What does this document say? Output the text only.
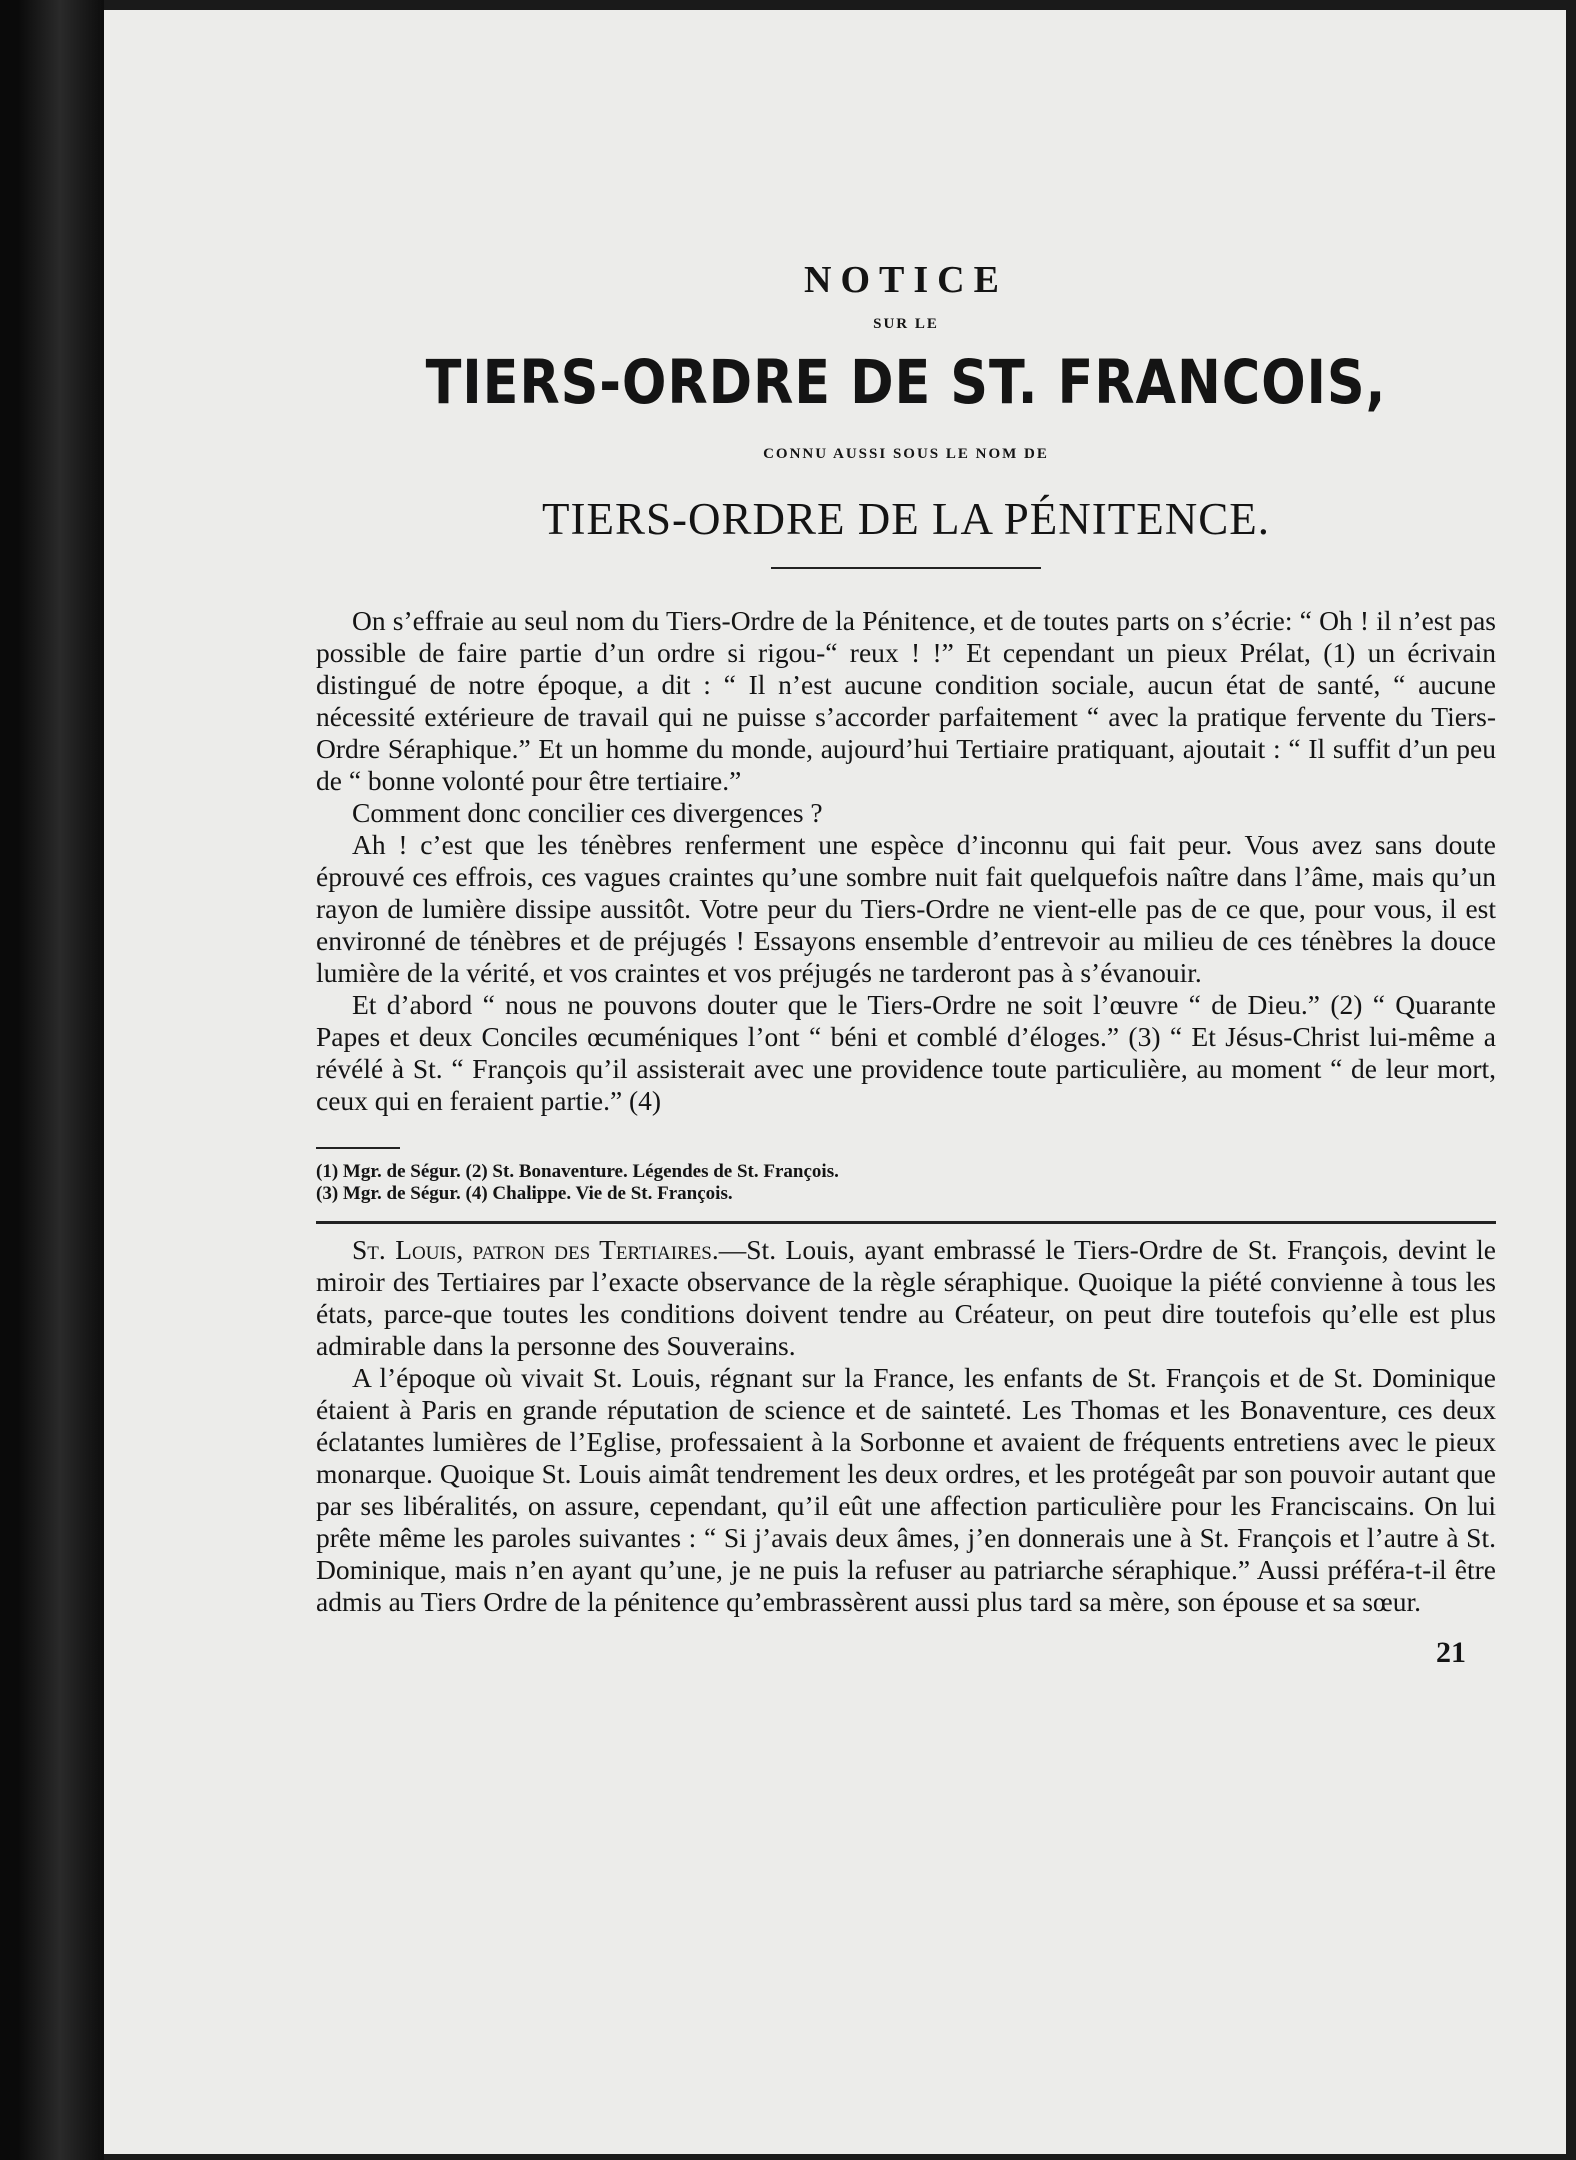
NOTICE
SUR LE
TIERS-ORDRE DE ST. FRANCOIS,
CONNU AUSSI SOUS LE NOM DE
TIERS-ORDRE DE LA PÉNITENCE.

On s’effraie au seul nom du Tiers-Ordre de la Pénitence, et de toutes parts on s’écrie: “ Oh ! il n’est pas possible de faire partie d’un ordre si rigou-“ reux ! !” Et cependant un pieux Prélat, (1) un écrivain distingué de notre époque, a dit : “ Il n’est aucune condition sociale, aucun état de santé, “ aucune nécessité extérieure de travail qui ne puisse s’accorder parfaitement “ avec la pratique fervente du Tiers-Ordre Séraphique.” Et un homme du monde, aujourd’hui Tertiaire pratiquant, ajoutait : “ Il suffit d’un peu de “ bonne volonté pour être tertiaire.”

Comment donc concilier ces divergences ?

Ah ! c’est que les ténèbres renferment une espèce d’inconnu qui fait peur. Vous avez sans doute éprouvé ces effrois, ces vagues craintes qu’une sombre nuit fait quelquefois naître dans l’âme, mais qu’un rayon de lumière dissipe aussitôt. Votre peur du Tiers-Ordre ne vient-elle pas de ce que, pour vous, il est environné de ténèbres et de préjugés ! Essayons ensemble d’entrevoir au milieu de ces ténèbres la douce lumière de la vérité, et vos craintes et vos préjugés ne tarderont pas à s’évanouir.

Et d’abord “ nous ne pouvons douter que le Tiers-Ordre ne soit l’œuvre “ de Dieu.” (2) “ Quarante Papes et deux Conciles œcuméniques l’ont “ béni et comblé d’éloges.” (3) “ Et Jésus-Christ lui-même a révélé à St. “ François qu’il assisterait avec une providence toute particulière, au moment “ de leur mort, ceux qui en feraient partie.” (4)

(1) Mgr. de Ségur. (2) St. Bonaventure. Légendes de St. François.

(3) Mgr. de Ségur. (4) Chalippe. Vie de St. François.

St. Louis, patron des Tertiaires.—St. Louis, ayant embrassé le Tiers-Ordre de St. François, devint le miroir des Tertiaires par l’exacte observance de la règle séraphique. Quoique la piété convienne à tous les états, parce-que toutes les conditions doivent tendre au Créateur, on peut dire toutefois qu’elle est plus admirable dans la personne des Souverains.

A l’époque où vivait St. Louis, régnant sur la France, les enfants de St. François et de St. Dominique étaient à Paris en grande réputation de science et de sainteté. Les Thomas et les Bonaventure, ces deux éclatantes lumières de l’Eglise, professaient à la Sorbonne et avaient de fréquents entretiens avec le pieux monarque. Quoique St. Louis aimât tendrement les deux ordres, et les protégeât par son pouvoir autant que par ses libéralités, on assure, cependant, qu’il eût une affection particulière pour les Franciscains. On lui prête même les paroles suivantes : “ Si j’avais deux âmes, j’en donnerais une à St. François et l’autre à St. Dominique, mais n’en ayant qu’une, je ne puis la refuser au patriarche séraphique.” Aussi préféra-t-il être admis au Tiers Ordre de la pénitence qu’embrassèrent aussi plus tard sa mère, son épouse et sa sœur.

21
